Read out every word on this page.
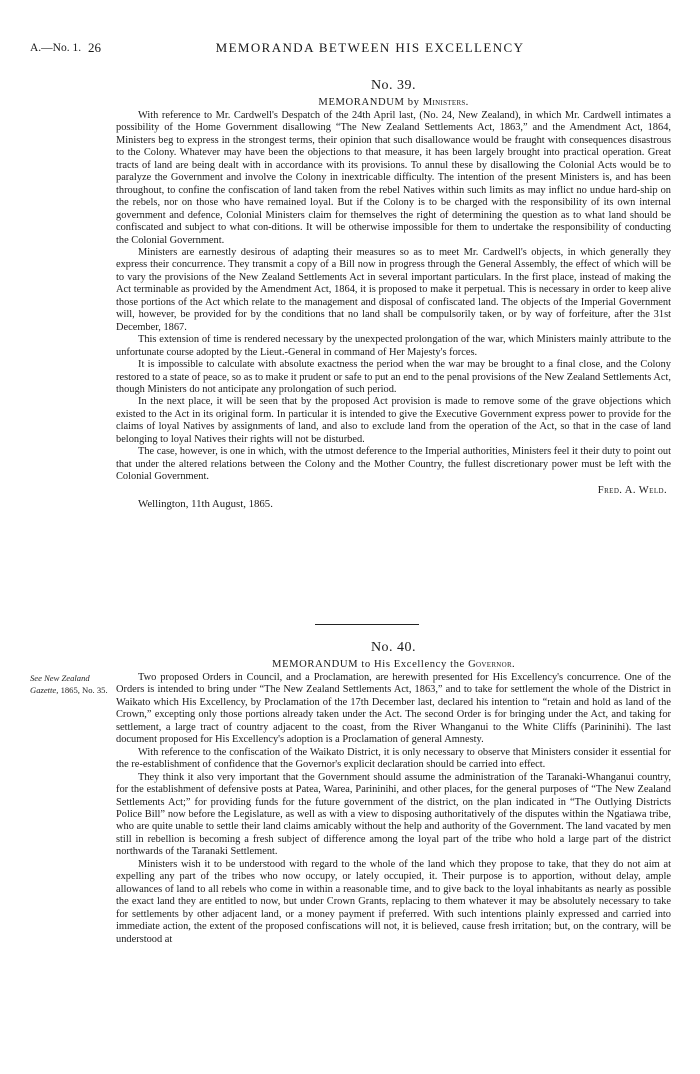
A.—No. 1. 26	MEMORANDA BETWEEN HIS EXCELLENCY
No. 39.
MEMORANDUM by Ministers.

With reference to Mr. Cardwell's Despatch of the 24th April last, (No. 24, New Zealand), in which Mr. Cardwell intimates a possibility of the Home Government disallowing “The New Zealand Settlements Act, 1863,” and the Amendment Act, 1864, Ministers beg to express in the strongest terms, their opinion that such disallowance would be fraught with consequences disastrous to the Colony. Whatever may have been the objections to that measure, it has been largely brought into practical operation. Great tracts of land are being dealt with in accordance with its provisions. To annul these by disallowing the Colonial Acts would be to paralyze the Government and involve the Colony in inextricable difficulty. The intention of the present Ministers is, and has been throughout, to confine the confiscation of land taken from the rebel Natives within such limits as may inflict no undue hard-ship on the rebels, nor on those who have remained loyal. But if the Colony is to be charged with the responsibility of its own internal government and defence, Colonial Ministers claim for themselves the right of determining the question as to what land should be confiscated and subject to what con-ditions. It will be otherwise impossible for them to undertake the responsibility of conducting the Colonial Government.

Ministers are earnestly desirous of adapting their measures so as to meet Mr. Cardwell's objects, in which generally they express their concurrence. They transmit a copy of a Bill now in progress through the General Assembly, the effect of which will be to vary the provisions of the New Zealand Settlements Act in several important particulars. In the first place, instead of making the Act terminable as provided by the Amendment Act, 1864, it is proposed to make it perpetual. This is necessary in order to keep alive those portions of the Act which relate to the management and disposal of confiscated land. The objects of the Imperial Government will, however, be provided for by the conditions that no land shall be compulsorily taken, or by way of forfeiture, after the 31st December, 1867.

This extension of time is rendered necessary by the unexpected prolongation of the war, which Ministers mainly attribute to the unfortunate course adopted by the Lieut.-General in command of Her Majesty's forces.

It is impossible to calculate with absolute exactness the period when the war may be brought to a final close, and the Colony restored to a state of peace, so as to make it prudent or safe to put an end to the penal provisions of the New Zealand Settlements Act, though Ministers do not anticipate any prolongation of such period.

In the next place, it will be seen that by the proposed Act provision is made to remove some of the grave objections which existed to the Act in its original form. In particular it is intended to give the Executive Government express power to provide for the claims of loyal Natives by assignments of land, and also to exclude land from the operation of the Act, so that in the case of land belonging to loyal Natives their rights will not be disturbed.

The case, however, is one in which, with the utmost deference to the Imperial authorities, Ministers feel it their duty to point out that under the altered relations between the Colony and the Mother Country, the fullest discretionary power must be left with the Colonial Government.

Fred. A. Weld.
Wellington, 11th August, 1865.
See New Zealand Gazette, 1865, No. 35.
No. 40.
MEMORANDUM to His Excellency the Governor.

Two proposed Orders in Council, and a Proclamation, are herewith presented for His Excellency's concurrence. One of the Orders is intended to bring under “The New Zealand Settlements Act, 1863,” and to take for settlement the whole of the District in Waikato which His Excellency, by Proclamation of the 17th December last, declared his intention to “retain and hold as land of the Crown,” excepting only those portions already taken under the Act. The second Order is for bringing under the Act, and taking for settlement, a large tract of country adjacent to the coast, from the River Whanganui to the White Cliffs (Parininihi). The last document proposed for His Excellency's adoption is a Proclamation of general Amnesty.

With reference to the confiscation of the Waikato District, it is only necessary to observe that Ministers consider it essential for the re-establishment of confidence that the Governor's explicit declaration should be carried into effect.

They think it also very important that the Government should assume the administration of the Taranaki-Whanganui country, for the establishment of defensive posts at Patea, Warea, Parininihi, and other places, for the general purposes of “The New Zealand Settlements Act;” for providing funds for the future government of the district, on the plan indicated in “The Outlying Districts Police Bill” now before the Legislature, as well as with a view to disposing authoritatively of the disputes within the Ngatiawa tribe, who are quite unable to settle their land claims amicably without the help and authority of the Government. The land vacated by men still in rebellion is becoming a fresh subject of difference among the loyal part of the tribe who hold a large part of the district northwards of the Taranaki Settlement.

Ministers wish it to be understood with regard to the whole of the land which they propose to take, that they do not aim at expelling any part of the tribes who now occupy, or lately occupied, it. Their purpose is to apportion, without delay, ample allowances of land to all rebels who come in within a reasonable time, and to give back to the loyal inhabitants as nearly as possible the exact land they are entitled to now, but under Crown Grants, replacing to them whatever it may be absolutely necessary to take for settlements by other adjacent land, or a money payment if preferred. With such intentions plainly expressed and carried into immediate action, the extent of the proposed confiscations will not, it is believed, cause fresh irritation; but, on the contrary, will be understood at
